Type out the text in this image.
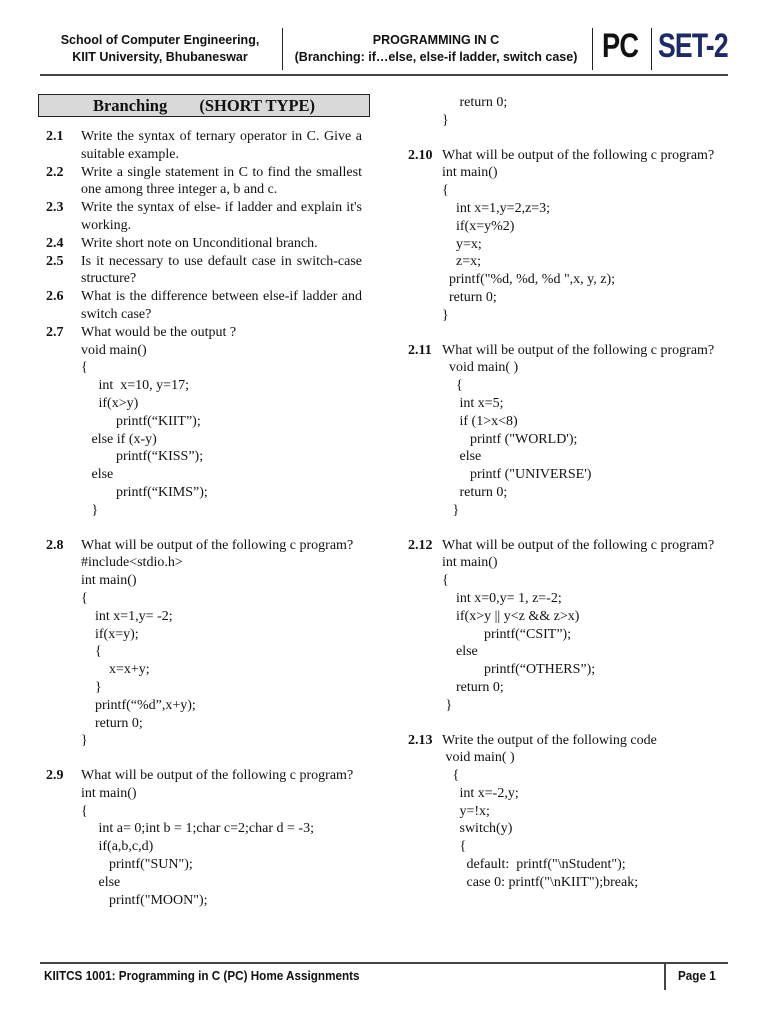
School of Computer Engineering,
KIIT University, Bhubaneswar
PROGRAMMING IN C
(Branching: if…else, else-if ladder, switch case) PC SET-2
Branching (SHORT TYPE)
2.1 Write the syntax of ternary operator in C. Give a suitable example.
2.2 Write a single statement in C to find the smallest one among three integer a, b and c.
2.3 Write the syntax of else- if ladder and explain it's working.
2.4 Write short note on Unconditional branch.
2.5 Is it necessary to use default case in switch-case structure?
2.6 What is the difference between else-if ladder and switch case?
2.7 What would be the output ?
void main()
{
int  x=10, y=17;
if(x>y)
printf(“KIIT”);
else if (x-y)
printf(“KISS”);
else
printf(“KIMS”);
}
2.8 What will be output of the following c program?
#include<stdio.h>
int main()
{
int x=1,y= -2;
if(x=y);
{
x=x+y;
}
printf(“%d”,x+y);
return 0;
}
2.9 What will be output of the following c program?
int main()
{
int a= 0;int b = 1;char c=2;char d = -3;
if(a,b,c,d)
printf("SUN");
else
printf("MOON");
return 0;
}
2.10 What will be output of the following c program?
int main()
{
int x=1,y=2,z=3;
if(x=y%2)
y=x;
z=x;
printf("%d, %d, %d ",x, y, z);
return 0;
}
2.11 What will be output of the following c program?
void main( )
{
int x=5;
if (1>x<8)
printf ("WORLD');
else
printf ("UNIVERSE')
return 0;
}
2.12 What will be output of the following c program?
int main()
{
int x=0,y= 1, z=-2;
if(x>y || y<z && z>x)
printf(“CSIT”);
else
printf(“OTHERS”);
return 0;
}
2.13 Write the output of the following code
void main( )
{
int x=-2,y;
y=!x;
switch(y)
{
default:  printf("\nStudent");
case 0: printf("\nKIIT");break;
KIITCS 1001: Programming in C (PC) Home Assignments	Page 1
